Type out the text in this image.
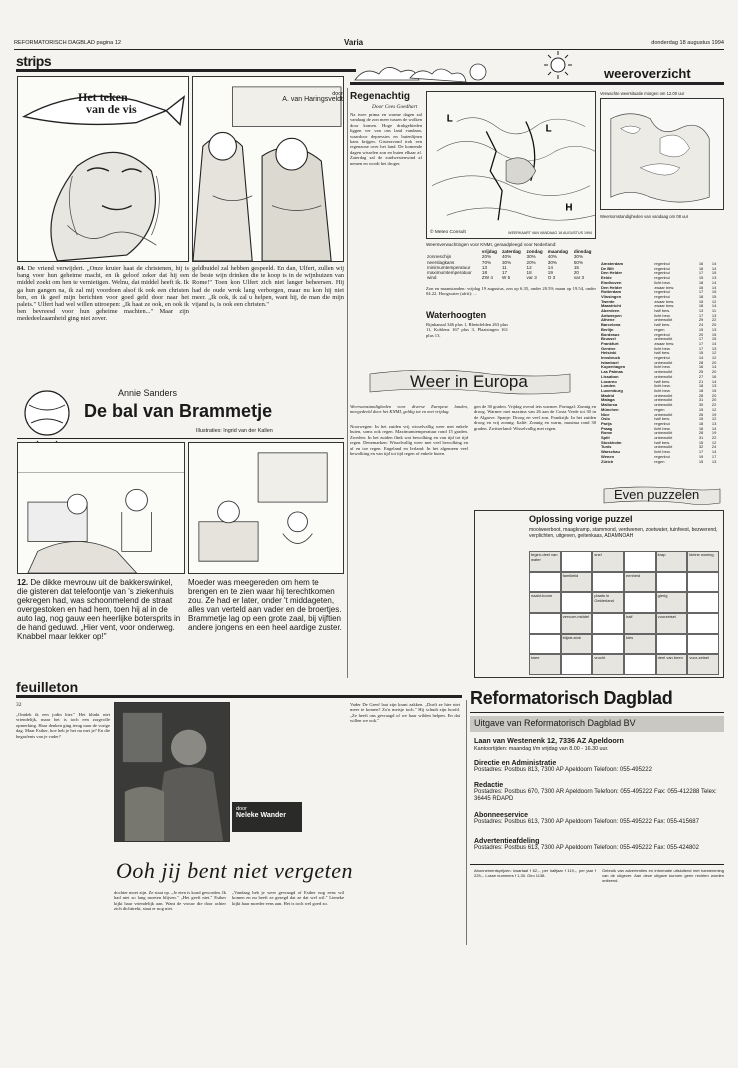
REFORMATORISCH DAGBLAD pagina 12	Varia	donderdag 18 augustus 1994
strips
Het teken
van de vis
door
A. van Haringsveldt
84. De vriend verwijdert. „Onze kruier haat de christenen, hij is bang voor hun geheime macht, en ik geloof zeker dat hij een middel zoekt om hen te vernietigen. Welnu, dat middel heeft ik. Ik ga hun gangen na, ik zal mij voordoen alsof ik ook een christen ben, en ik geef mijn berichten voor goed geld door naar het paleis." Ulfert had wel willen uitroepen: „Ik haat ze ook, en ook ik ben bevreesd voor hun geheime machten..." Maar zijn mededeelzaamheid ging niet zover.
geldbuidel zal hebben gespeeld. En dan, Ulfert, zullen wij de beste wijn drinken die te koop is in de wijnhuizen van Rome!" Toen kon Ulfert zich niet langer beheersen. Hij had de oude wrok lang verborgen, maar nu kon hij niet meer. „Ik ook, ik zal u helpen, want hij, de man die mijn vijand is, is ook een christen."
Annie Sanders
De bal van Brammetje
Illustraties: Ingrid van der Kallen
12. De dikke mevrouw uit de bakkerswinkel, die gisteren dat telefoontje van 's ziekenhuis gekregen had, was schoonmelend de straat overgestoken en had hem, toen hij al in de auto lag, nog gauw een heerlijke botersprits in de hand geduwd. „Hier vent, voor onderweg. Knabbel maar lekker op!"
Moeder was meegereden om hem te brengen en te zien waar hij terechtkomen zou. Ze had er later, onder 't middageten, alles van verteld aan vader en de broertjes. Brammetje lag op een grote zaal, bij vijftien andere jongens en een heel aardige zuster.
feuilleton
32
„Ontdek ik een jodin hier." Het klinkt niet vriendelijk, maar het is toch een zorgvolle opmerking. Haar denken ging terug naar de vorige dag. Maar Esther, hoe heb je het nu met je? En die begrafenis van je vader?
door
Neleke Wander
Ooh jij bent niet vergeten
dochter moet zijn. Ze staat op. „Je eten is koud geworden. Ik had niet zo lang moeten blijven." „Het geeft niet." Esther kijkt haar vriendelijk aan. Want de vrouw die door achter zich dichttrekt, staat er nog niet.
„Vandaag heb je weer gevraagd of Esther nog eens wil komen en nu heeft ze gezegd dat ze dat wel wil." Lieneke kijkt haar moeder eens aan. Het is toch wel goed zo.
Vader De Greef laat zijn krant zakken. „Durft ze hier niet meer te komen? Zo'n meisje toch." Hij schudt zijn hoofd. „Ze heeft ons gevraagd of we haar wilden helpen. En dat willen we ook."
weeroverzicht
Regenachtig
Door Cees Goedhart
Na twee prima en warme dagen zal vandaag de zon meer tussen de wolken door komen. Hoge drukgebieden liggen ver van ons land vandaan, waardoor depressies en buienlijnen kans krijgen. Gisteravond trok een regenzone over het land. De komende dagen wisselen zon en buien elkaar af. Zaterdag zal de zuidwestenwind af nemen en wordt het droger.
L
H
L
© Meteo Consult	WEERKAART VAN VANDAAG 18 AUGUSTUS 1994
Weersverwachtingen voor KNMI, geraadpleegd voor Nederland:
	vrijdag	zaterdag	zondag	maandag	dinsdag
zonneschijn	20%	40%	30%	40%	30%
neerslagkans	70%	30%	20%	30%	50%
minimumtemperatuur	13	11	12	14	15
maximumtemperatuur	18	17	18	19	20
wind	ZW 4	W 5	var 3	O 3	var 3
Zon en maanstanden: vrijdag 19 augustus, zon op 6.35, onder 20.59; maan op 19.54, onder 04.22. Hoogwater (afrit): ...
Waterhoogten
Rijnkanaal 346 plus 1, Rheinfelden 263 plus 11, Koblenz 167 plus 3, Plaatsingen 161 plus 13.
Verwachte weersituatie morgen om 12.00 uur
Weersomstandigheden van vandaag om 08 uur
Amsterdam	regenbui	16	14
De Bilt	regenbui	16	14
Den Helder	regenbui	17	15
Eelde	regenbui	15	13
Eindhoven	licht bew.	18	14
Den Helder	zwaar bew.	16	14
Rotterdam	regenbui	17	15
Vlissingen	regenbui	18	15
Twente	zwaar bew.	15	12
Maastricht	zwaar bew.	18	14
Aberdeen	half bew.	13	11
Antwerpen	licht bew.	17	13
Athene	onbewolkt	29	22
Barcelona	half bew.	24	20
Berlijn	regen	15	13
Bordeaux	regenbui	20	15
Brussel	onbewolkt	17	15
Frankfurt	zwaar bew.	17	14
Genève	licht bew.	17	13
Helsinki	half bew.	15	12
Innsbruck	regenbui	14	12
Istanboel	onbewolkt	28	20
Kopenhagen	licht bew.	16	14
Las Palmas	onbewolkt	25	20
Lissabon	onbewolkt	27	16
Locarno	half bew.	21	14
Londen	licht bew.	18	13
Luxemburg	licht bew.	18	15
Madrid	onbewolkt	28	20
Malaga	onbewolkt	31	20
Mallorca	onbewolkt	30	22
München	regen	15	12
Nice	onbewolkt	26	19
Oslo	half bew.	15	12
Parijs	regenbui	18	13
Praag	licht bew.	16	14
Rome	onbewolkt	28	19
Split	onbewolkt	31	22
Stockholm	half bew.	15	12
Tunis	onbewolkt	32	24
Warschau	licht bew.	17	14
Wenen	regenbui	19	17
Zürich	regen	15	13
Weer in Europa
Weersomstandigheden voor diverse Europese landen, meegedeeld door het KNMI, geldig tot en met vrijdag.
Noorwegen: In het zuiden vrij wisselvallig weer met enkele buien, soms ook regen. Maximumtemperatuur rond 15 graden. Zweden: In het zuiden flink wat bewolking en van tijd tot tijd regen. Denemarken: Wisselvallig weer met veel bewolking en af en toe regen. Engeland en Ierland: In het algemeen veel bewolking en van tijd tot tijd regen of enkele buien.
gen de 30 graden. Vrijdag overal iets warmer. Portugal: Zonnig en droog. Warmer met maxima van 26 aan de Costa Verde tot 30 in de Algarve. Spanje: Droog en veel zon. Frankrijk: In het zuiden droog en vrij zonnig. Italië: Zonnig en warm, maxima rond 30 graden. Zwitserland: Wisselvallig met regen.
Even puzzelen
Oplossing vorige puzzel
mooiweerboot, maagkramp, stammond, verdwenen, zoetwater, tuinfeest, bezwerend, verplichten, uitgeven, geitenkaas, ADAMNOAH
tegen-deel van water
snel	krap	kleine woning
familielid	eenheid
naald-boom	plaats in Gelderland
gierig
vervoer-middel	half	voorzetsel
biljart-stok	kies
twee	vrucht	deel van been	voor-zetsel
Reformatorisch Dagblad
Uitgave van Reformatorisch Dagblad BV
Laan van Westenenk 12, 7336 AZ Apeldoorn
Kantoortijden: maandag t/m vrijdag van 8.00 - 16.30 uur.
Directie en Administratie
Postadres: Postbus 813, 7300 AP Apeldoorn Telefoon: 055-495222
Redactie
Postadres: Postbus 670, 7300 AR Apeldoorn Telefoon: 055-495222 Fax: 055-412288 Telex: 36445 RDAPD
Abonneeservice
Postadres: Postbus 613, 7300 AP Apeldoorn Telefoon: 055-495222 Fax: 055-415687
Advertentieafdeling
Postadres: Postbus 613, 7300 AP Apeldoorn Telefoon: 055-495222 Fax: 055-424802
Abonnementsprijzen: kwartaal f 62,-, per halfjaar f 119,-, per jaar f 225,-. Losse nummers f 1,30. Giro 1138.
Gebruik van advertenties en informatie uitsluitend met toestemming van de uitgever. Aan deze uitgave kunnen geen rechten worden ontleend.
